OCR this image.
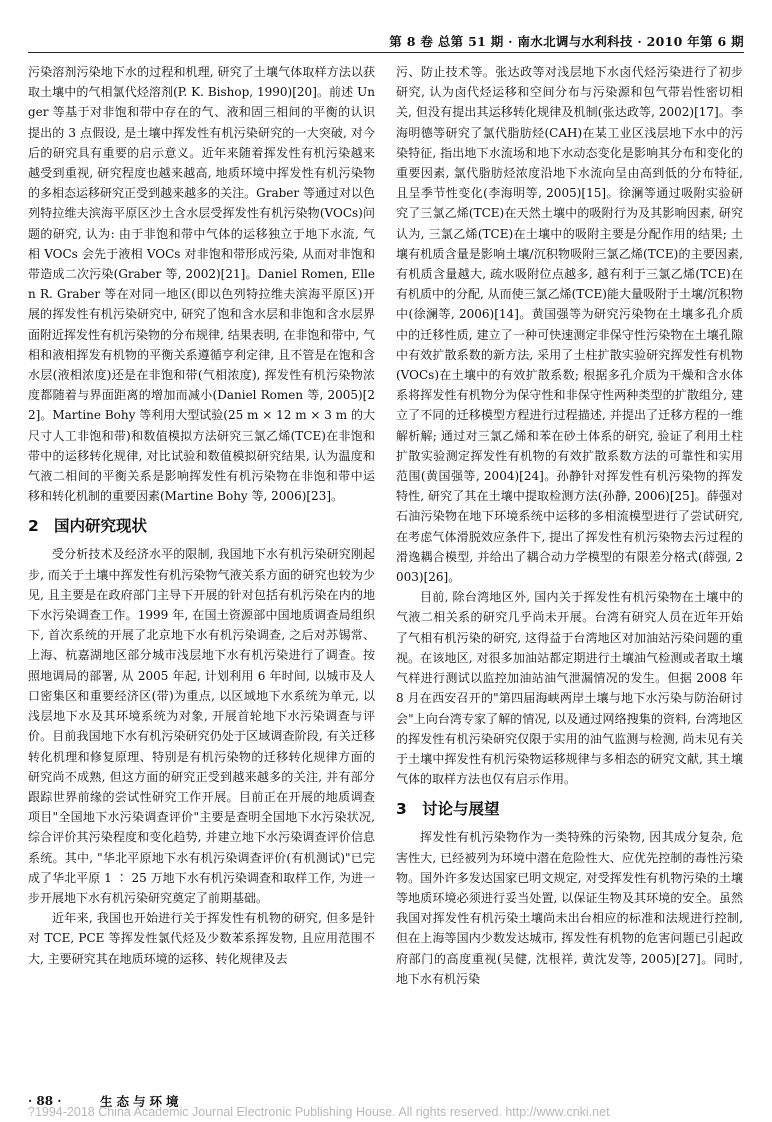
第 8 卷 总第 51 期 · 南水北调与水利科技 · 2010 年第 6 期

污染溶剂污染地下水的过程和机理, 研究了土壤气体取样方法以获取土壤中的气相氯代烃溶剂(P. K. Bishop, 1990)[20]。前述 Unger 等基于对非饱和带中存在的气、液和固三相间的平衡的认识提出的 3 点假设, 是土壤中挥发性有机污染研究的一大突破, 对今后的研究具有重要的启示意义。近年来随着挥发性有机污染越来越受到重视, 研究程度也越来越高, 地质环境中挥发性有机污染物的多相态运移研究正受到越来越多的关注。Graber 等通过对以色列特拉维夫滨海平原区沙土含水层受挥发性有机污染物(VOCs)问题的研究, 认为: 由于非饱和带中气体的运移独立于地下水流, 气相 VOCs 会先于液相 VOCs 对非饱和带形成污染, 从而对非饱和带造成二次污染(Graber 等, 2002)[21]。Daniel Romen, Ellen R. Graber 等在对同一地区(即以色列特拉维夫滨海平原区)开展的挥发性有机污染研究中, 研究了饱和含水层和非饱和含水层界面附近挥发性有机污染物的分布规律, 结果表明, 在非饱和带中, 气相和液相挥发有机物的平衡关系遵循亨利定律, 且不管是在饱和含水层(液相浓度)还是在非饱和带(气相浓度), 挥发性有机污染物浓度都随着与界面距离的增加而减小(Daniel Romen 等, 2005)[22]。Martine Bohy 等利用大型试验(25 m × 12 m × 3 m 的大尺寸人工非饱和带)和数值模拟方法研究三氯乙烯(TCE)在非饱和带中的运移转化规律, 对比试验和数值模拟研究结果, 认为温度和气液二相间的平衡关系是影响挥发性有机污染物在非饱和带中运移和转化机制的重要因素(Martine Bohy 等, 2006)[23]。

2 国内研究现状

受分析技术及经济水平的限制, 我国地下水有机污染研究刚起步, 而关于土壤中挥发性有机污染物气液关系方面的研究也较为少见, 且主要是在政府部门主导下开展的针对包括有机污染在内的地下水污染调查工作。1999 年, 在国土资源部中国地质调查局组织下, 首次系统的开展了北京地下水有机污染调查, 之后对苏锡常、上海、杭嘉湖地区部分城市浅层地下水有机污染进行了调查。按照地调局的部署, 从 2005 年起, 计划利用 6 年时间, 以城市及人口密集区和重要经济区(带)为重点, 以区域地下水系统为单元, 以浅层地下水及其环境系统为对象, 开展首轮地下水污染调查与评价。目前我国地下水有机污染研究仍处于区域调查阶段, 有关迁移转化机理和修复原理、特别是有机污染物的迁移转化规律方面的研究尚不成熟, 但这方面的研究正受到越来越多的关注, 并有部分跟踪世界前缘的尝试性研究工作开展。目前正在开展的地质调查项目"全国地下水污染调查评价"主要是查明全国地下水污染状况, 综合评价其污染程度和变化趋势, 并建立地下水污染调查评价信息系统。其中, "华北平原地下水有机污染调查评价(有机测试)"已完成了华北平原 1 ∶ 25 万地下水有机污染调查和取样工作, 为进一步开展地下水有机污染研究奠定了前期基础。

近年来, 我国也开始进行关于挥发性有机物的研究, 但多是针对 TCE, PCE 等挥发性氯代烃及少数苯系挥发物, 且应用范围不大, 主要研究其在地质环境的运移、转化规律及去

污、防止技术等。张达政等对浅层地下水卤代烃污染进行了初步研究, 认为卤代烃运移和空间分布与污染源和包气带岩性密切相关, 但没有提出其运移转化规律及机制(张达政等, 2002)[17]。李海明德等研究了氯代脂肪烃(CAH)在某工业区浅层地下水中的污染特征, 指出地下水流场和地下水动态变化是影响其分布和变化的重要因素, 氯代脂肪烃浓度沿地下水流向呈由高到低的分布特征, 且呈季节性变化(李海明等, 2005)[15]。徐澜等通过吸附实验研究了三氯乙烯(TCE)在天然土壤中的吸附行为及其影响因素, 研究认为, 三氯乙烯(TCE)在土壤中的吸附主要是分配作用的结果; 土壤有机质含量是影响土壤/沉积物吸附三氯乙烯(TCE)的主要因素, 有机质含量越大, 疏水吸附位点越多, 越有利于三氯乙烯(TCE)在有机质中的分配, 从而使三氯乙烯(TCE)能大量吸附于土壤/沉积物中(徐澜等, 2006)[14]。黄国强等为研究污染物在土壤多孔介质中的迁移性质, 建立了一种可快速测定非保守性污染物在土壤孔隙中有效扩散系数的新方法, 采用了土柱扩散实验研究挥发性有机物(VOCs)在土壤中的有效扩散系数; 根据多孔介质为干燥和含水体系将挥发性有机物分为保守性和非保守性两种类型的扩散组分, 建立了不同的迁移模型方程进行过程描述, 并提出了迁移方程的一维解析解; 通过对三氯乙烯和苯在砂土体系的研究, 验证了利用土柱扩散实验测定挥发性有机物的有效扩散系数方法的可靠性和实用范围(黄国强等, 2004)[24]。孙静针对挥发性有机污染物的挥发特性, 研究了其在土壤中提取检测方法(孙静, 2006)[25]。薛强对石油污染物在地下环境系统中运移的多相流模型进行了尝试研究, 在考虑气体滑脱效应条件下, 提出了挥发性有机污染物去污过程的滑逸耦合模型, 并给出了耦合动力学模型的有限差分格式(薛强, 2003)[26]。

目前, 除台湾地区外, 国内关于挥发性有机污染物在土壤中的气液二相关系的研究几乎尚未开展。台湾有研究人员在近年开始了气相有机污染的研究, 这得益于台湾地区对加油站污染问题的重视。在该地区, 对很多加油站都定期进行土壤油气检测或者取土壤气样进行测试以监控加油站油气泄漏情况的发生。但据 2008 年 8 月在西安召开的"第四届海峡两岸土壤与地下水污染与防治研讨会"上向台湾专家了解的情况, 以及通过网络搜集的资料, 台湾地区的挥发性有机污染研究仅限于实用的油气监测与检测, 尚未见有关于土壤中挥发性有机污染物运移规律与多相态的研究文献, 其土壤气体的取样方法也仅有启示作用。

3 讨论与展望

挥发性有机污染物作为一类特殊的污染物, 因其成分复杂, 危害性大, 已经被列为环境中潜在危险性大、应优先控制的毒性污染物。国外许多发达国家已明文规定, 对受挥发性有机物污染的土壤等地质环境必须进行妥当处置, 以保证生物及其环境的安全。虽然我国对挥发性有机污染土壤尚未出台相应的标准和法规进行控制, 但在上海等国内少数发达城市, 挥发性有机物的危害问题已引起政府部门的高度重视(吴健, 沈根祥, 黄沈发等, 2005)[27]。同时, 地下水有机污染

· 88 ·	生态与环境
?1994-2018 China Academic Journal Electronic Publishing House. All rights reserved. http://www.cnki.net
